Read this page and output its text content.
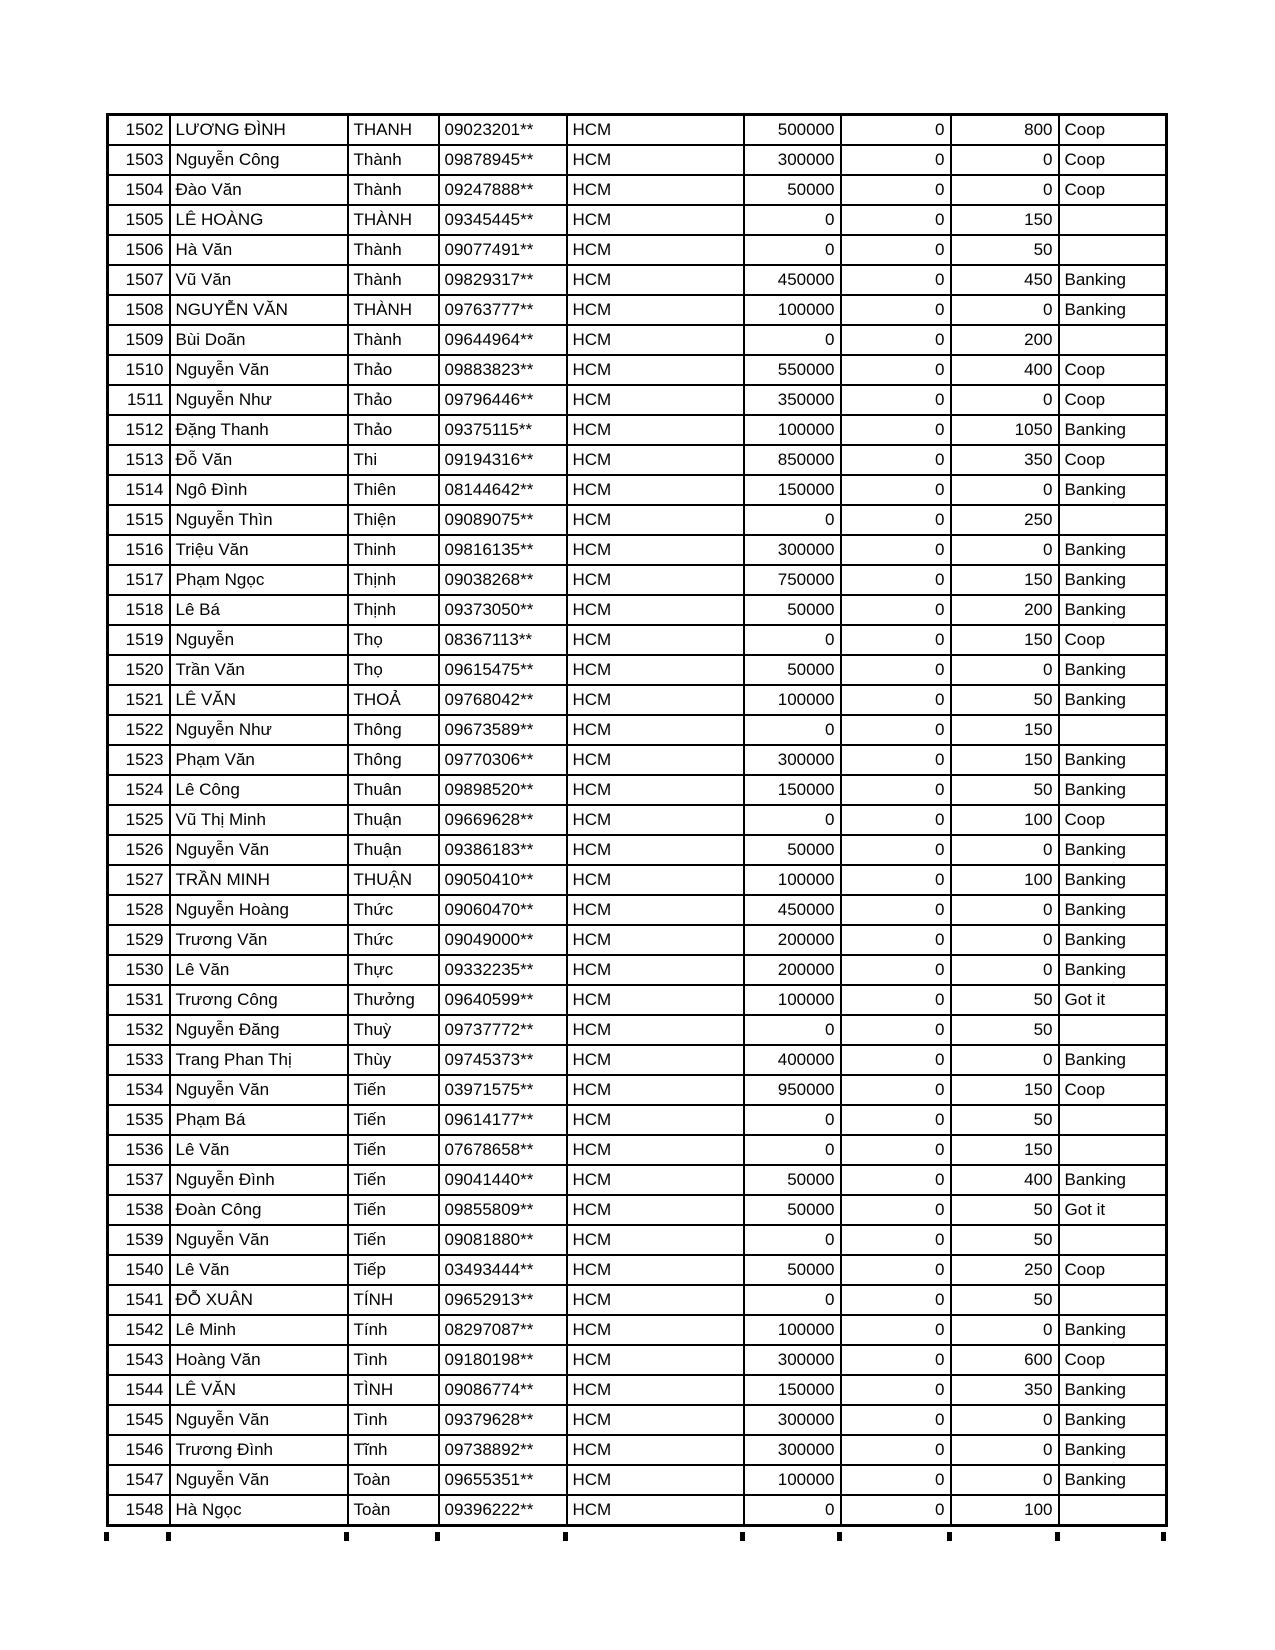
1502	LƯƠNG ĐÌNH	THANH	09023201**	HCM	500000	0	800	Coop
1503	Nguyễn Công	Thành	09878945**	HCM	300000	0	0	Coop
1504	Đào Văn	Thành	09247888**	HCM	50000	0	0	Coop
1505	LÊ HOÀNG	THÀNH	09345445**	HCM	0	0	150	
1506	Hà Văn	Thành	09077491**	HCM	0	0	50	
1507	Vũ Văn	Thành	09829317**	HCM	450000	0	450	Banking
1508	NGUYỄN VĂN	THÀNH	09763777**	HCM	100000	0	0	Banking
1509	Bùi Doãn	Thành	09644964**	HCM	0	0	200	
1510	Nguyễn Văn	Thảo	09883823**	HCM	550000	0	400	Coop
1511	Nguyễn Như	Thảo	09796446**	HCM	350000	0	0	Coop
1512	Đặng Thanh	Thảo	09375115**	HCM	100000	0	1050	Banking
1513	Đỗ Văn	Thi	09194316**	HCM	850000	0	350	Coop
1514	Ngô Đình	Thiên	08144642**	HCM	150000	0	0	Banking
1515	Nguyễn Thìn	Thiện	09089075**	HCM	0	0	250	
1516	Triệu Văn	Thinh	09816135**	HCM	300000	0	0	Banking
1517	Phạm Ngọc	Thịnh	09038268**	HCM	750000	0	150	Banking
1518	Lê Bá	Thịnh	09373050**	HCM	50000	0	200	Banking
1519	Nguyễn	Thọ	08367113**	HCM	0	0	150	Coop
1520	Trần Văn	Thọ	09615475**	HCM	50000	0	0	Banking
1521	LÊ VĂN	THOẢ	09768042**	HCM	100000	0	50	Banking
1522	Nguyễn Như	Thông	09673589**	HCM	0	0	150	
1523	Phạm Văn	Thông	09770306**	HCM	300000	0	150	Banking
1524	Lê Công	Thuân	09898520**	HCM	150000	0	50	Banking
1525	Vũ Thị Minh	Thuận	09669628**	HCM	0	0	100	Coop
1526	Nguyễn Văn	Thuận	09386183**	HCM	50000	0	0	Banking
1527	TRẦN MINH	THUẬN	09050410**	HCM	100000	0	100	Banking
1528	Nguyễn Hoàng	Thức	09060470**	HCM	450000	0	0	Banking
1529	Trương Văn	Thức	09049000**	HCM	200000	0	0	Banking
1530	Lê Văn	Thực	09332235**	HCM	200000	0	0	Banking
1531	Trương Công	Thưởng	09640599**	HCM	100000	0	50	Got it
1532	Nguyễn Đăng	Thuỳ	09737772**	HCM	0	0	50	
1533	Trang Phan Thị	Thùy	09745373**	HCM	400000	0	0	Banking
1534	Nguyễn Văn	Tiến	03971575**	HCM	950000	0	150	Coop
1535	Phạm Bá	Tiến	09614177**	HCM	0	0	50	
1536	Lê Văn	Tiến	07678658**	HCM	0	0	150	
1537	Nguyễn Đình	Tiến	09041440**	HCM	50000	0	400	Banking
1538	Đoàn Công	Tiến	09855809**	HCM	50000	0	50	Got it
1539	Nguyễn Văn	Tiến	09081880**	HCM	0	0	50	
1540	Lê Văn	Tiếp	03493444**	HCM	50000	0	250	Coop
1541	ĐỖ XUÂN	TÍNH	09652913**	HCM	0	0	50	
1542	Lê Minh	Tính	08297087**	HCM	100000	0	0	Banking
1543	Hoàng Văn	Tình	09180198**	HCM	300000	0	600	Coop
1544	LÊ VĂN	TÌNH	09086774**	HCM	150000	0	350	Banking
1545	Nguyễn Văn	Tình	09379628**	HCM	300000	0	0	Banking
1546	Trương Đình	Tĩnh	09738892**	HCM	300000	0	0	Banking
1547	Nguyễn Văn	Toàn	09655351**	HCM	100000	0	0	Banking
1548	Hà Ngọc	Toàn	09396222**	HCM	0	0	100	
